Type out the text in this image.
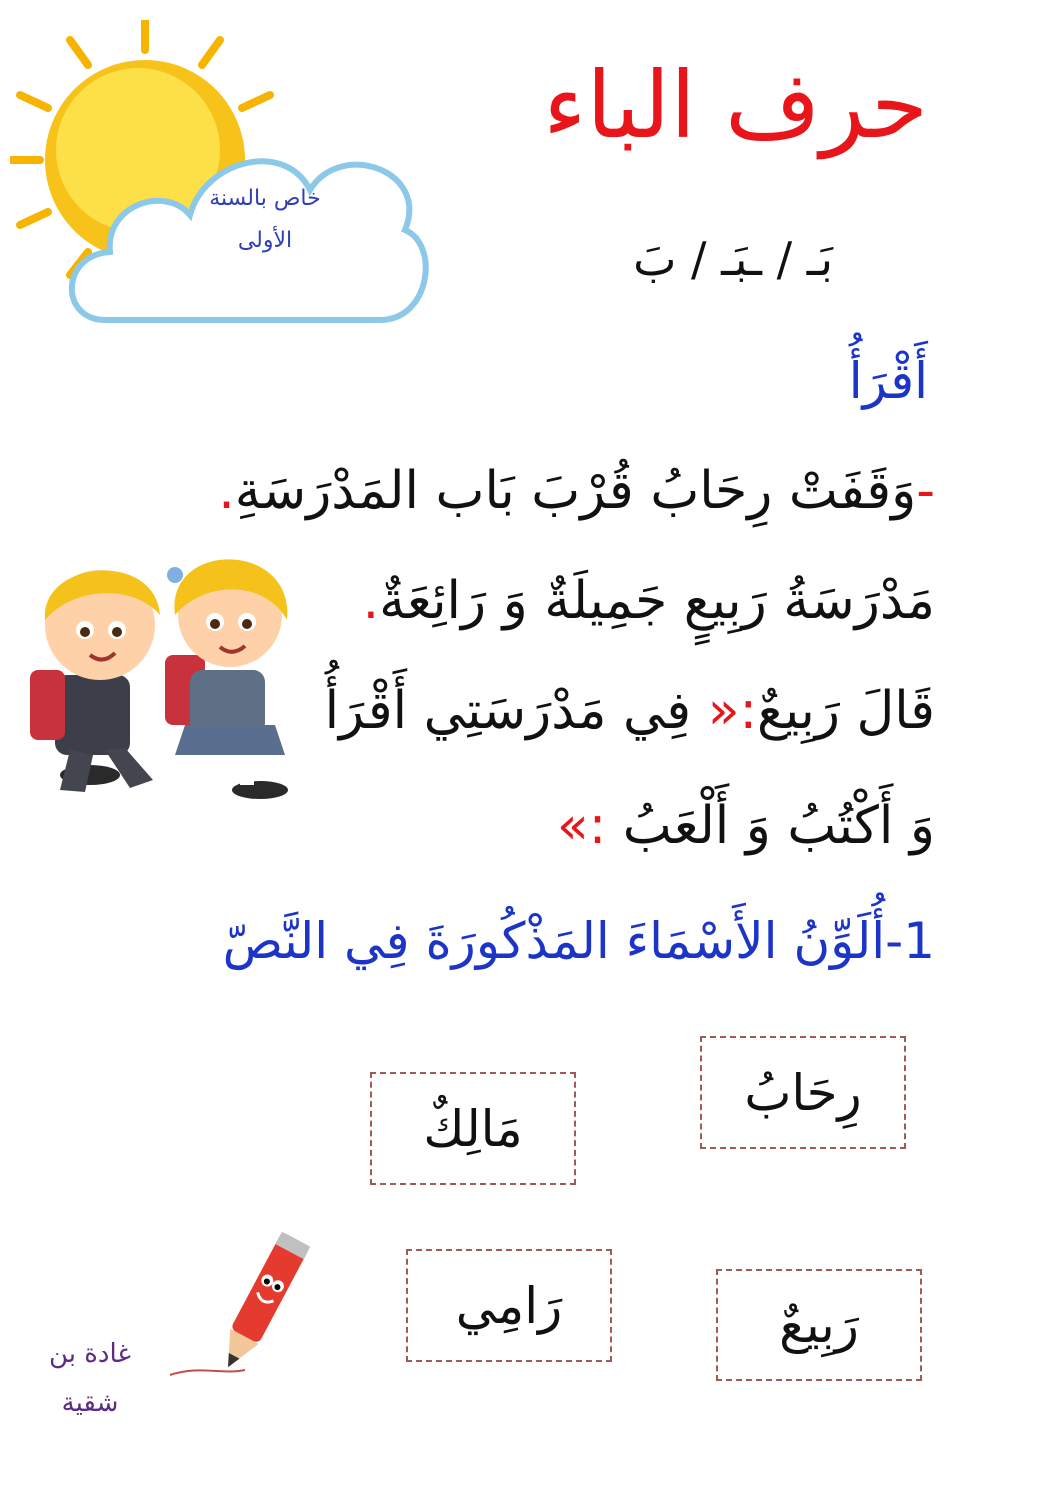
خاص بالسنة
الأولى
حرف الباء
بَـ / ـبَـ / بَ
أَقْرَأُ
-وَقَفَتْ رِحَابُ قُرْبَ بَاب المَدْرَسَةِ.
مَدْرَسَةُ رَبِيعٍ جَمِيلَةٌ وَ رَائِعَةٌ.
قَالَ رَبِيعٌ:« فِي مَدْرَسَتِي أَقْرَأُ
وَ أَكْتُبُ وَ أَلْعَبُ :»
1-أُلَوِّنُ الأَسْمَاءَ المَذْكُورَةَ فِي النَّصّ
رِحَابُ
مَالِكٌ
رَبِيعٌ
رَامِي
غادة بن
شقية
